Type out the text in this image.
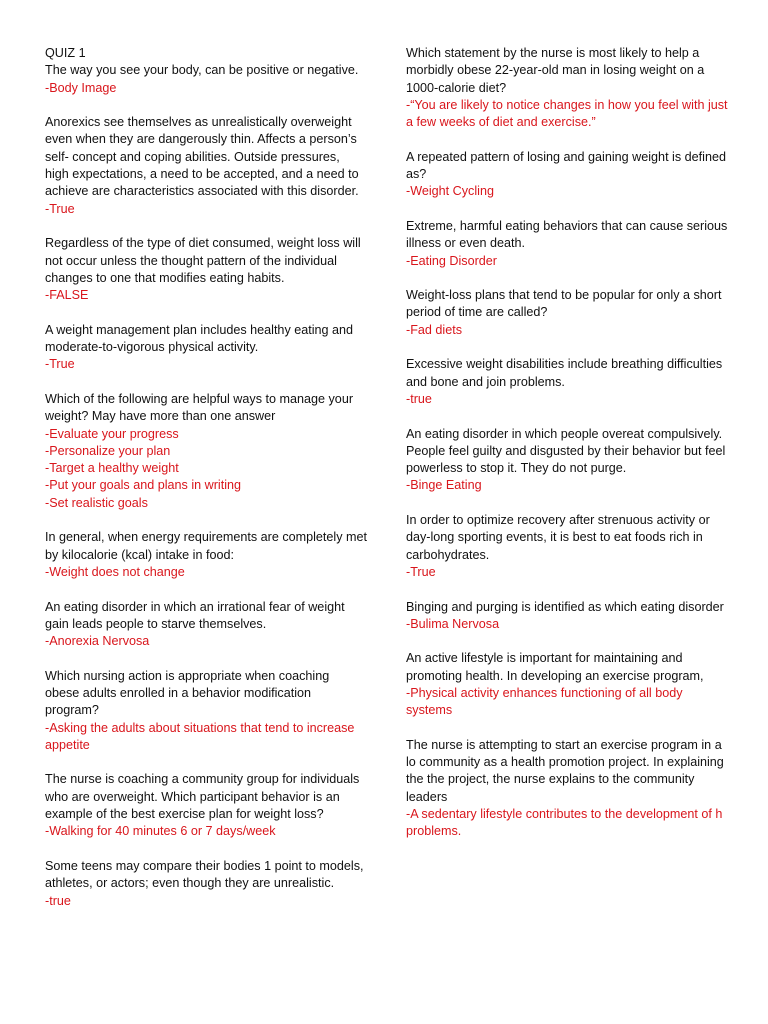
QUIZ 1

The way you see your body, can be positive or negative.

-Body Image

Anorexics see themselves as unrealistically overweight even when they are dangerously thin. Affects a person’s self- concept and coping abilities. Outside pressures, high expectations, a need to be accepted, and a need to achieve are characteristics associated with this disorder.

-True

Regardless of the type of diet consumed, weight loss will not occur unless the thought pattern of the individual changes to one that modifies eating habits.

-FALSE

A weight management plan includes healthy eating and moderate-to-vigorous physical activity.

-True

Which of the following are helpful ways to manage your weight? May have more than one answer

-Evaluate your progress

-Personalize your plan

-Target a healthy weight

-Put your goals and plans in writing

-Set realistic goals

In general, when energy requirements are completely met by kilocalorie (kcal) intake in food:

-Weight does not change

An eating disorder in which an irrational fear of weight gain leads people to starve themselves.

-Anorexia Nervosa

Which nursing action is appropriate when coaching obese adults enrolled in a behavior modification program?

-Asking the adults about situations that tend to increase appetite

The nurse is coaching a community group for individuals who are overweight. Which participant behavior is an example of the best exercise plan for weight loss?

-Walking for 40 minutes 6 or 7 days/week

Some teens may compare their bodies 1 point to models, athletes, or actors; even though they are unrealistic.

-true

Which statement by the nurse is most likely to help a morbidly obese 22-year-old man in losing weight on a 1000-calorie diet?

-“You are likely to notice changes in how you feel with just a few weeks of diet and exercise.”

A repeated pattern of losing and gaining weight is defined as?

-Weight Cycling

Extreme, harmful eating behaviors that can cause serious illness or even death.

-Eating Disorder

Weight-loss plans that tend to be popular for only a short period of time are called?

-Fad diets

Excessive weight disabilities include breathing difficulties and bone and join problems.

-true

An eating disorder in which people overeat compulsively. People feel guilty and disgusted by their behavior but feel powerless to stop it. They do not purge.

-Binge Eating

In order to optimize recovery after strenuous activity or day-long sporting events, it is best to eat foods rich in carbohydrates.

-True

Binging and purging is identified as which eating disorder

-Bulima Nervosa

An active lifestyle is important for maintaining and promoting health. In developing an exercise program,

-Physical activity enhances functioning of all body systems

The nurse is attempting to start an exercise program in a lo community as a health promotion project. In explaining the the project, the nurse explains to the community leaders

-A sedentary lifestyle contributes to the development of h problems.
